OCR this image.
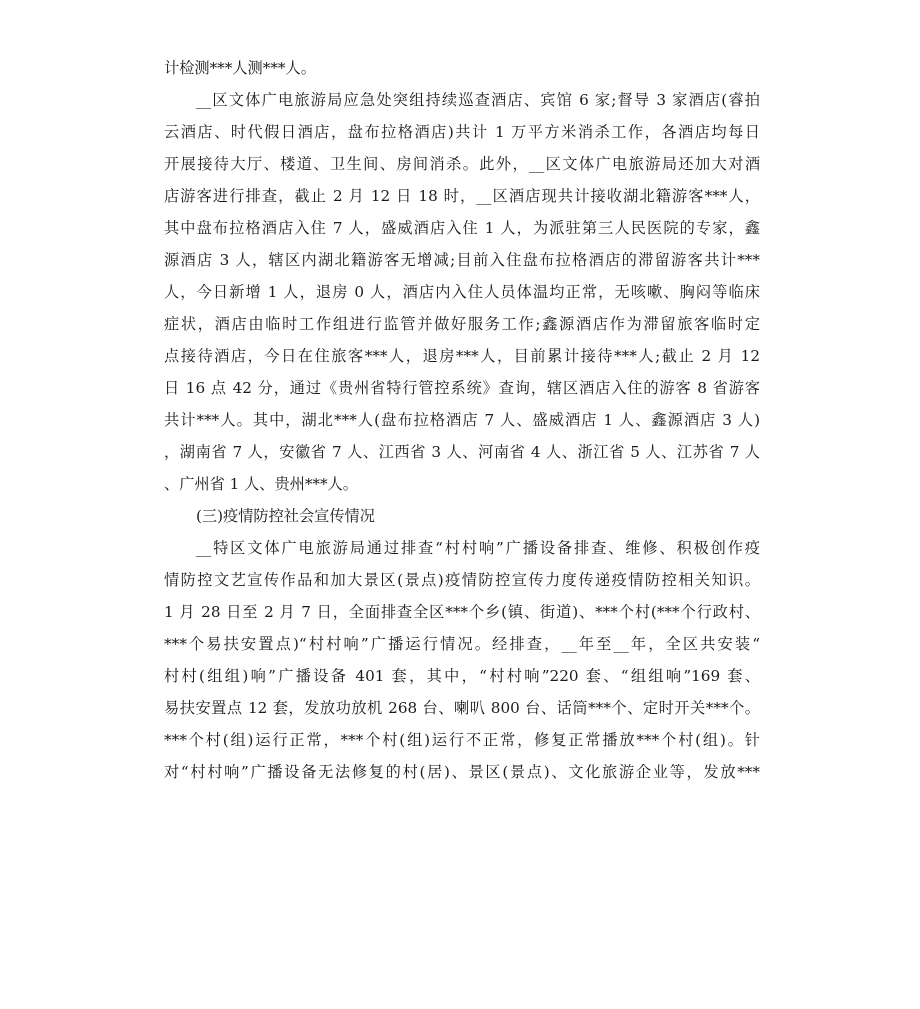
计检测***人测***人。
__区文体广电旅游局应急处突组持续巡查酒店、宾馆 6 家;督导 3 家酒店(睿拍
云酒店、时代假日酒店，盘布拉格酒店)共计 1 万平方米消杀工作，各酒店均每日
开展接待大厅、楼道、卫生间、房间消杀。此外，__区文体广电旅游局还加大对酒
店游客进行排查，截止 2 月 12 日 18 时，__区酒店现共计接收湖北籍游客***人，
其中盘布拉格酒店入住 7 人，盛威酒店入住 1 人，为派驻第三人民医院的专家，鑫
源酒店 3 人，辖区内湖北籍游客无增减;目前入住盘布拉格酒店的滞留游客共计***
人，今日新增 1 人，退房 0 人，酒店内入住人员体温均正常，无咳嗽、胸闷等临床
症状，酒店由临时工作组进行监管并做好服务工作;鑫源酒店作为滞留旅客临时定
点接待酒店，今日在住旅客***人，退房***人，目前累计接待***人;截止 2 月 12
日 16 点 42 分，通过《贵州省特行管控系统》查询，辖区酒店入住的游客 8 省游客
共计***人。其中，湖北***人(盘布拉格酒店 7 人、盛威酒店 1 人、鑫源酒店 3 人)
，湖南省 7 人，安徽省 7 人、江西省 3 人、河南省 4 人、浙江省 5 人、江苏省 7 人
、广州省 1 人、贵州***人。
(三)疫情防控社会宣传情况
__特区文体广电旅游局通过排查“村村响”广播设备排查、维修、积极创作疫
情防控文艺宣传作品和加大景区(景点)疫情防控宣传力度传递疫情防控相关知识。
1 月 28 日至 2 月 7 日，全面排查全区***个乡(镇、街道)、***个村(***个行政村、
***个易扶安置点)“村村响”广播运行情况。经排查，__年至__年，全区共安装“
村村(组组)响”广播设备 401 套，其中，“村村响”220 套、“组组响”169 套、
易扶安置点 12 套，发放功放机 268 台、喇叭 800 台、话筒***个、定时开关***个。
***个村(组)运行正常，***个村(组)运行不正常，修复正常播放***个村(组)。针
对“村村响”广播设备无法修复的村(居)、景区(景点)、文化旅游企业等，发放***
